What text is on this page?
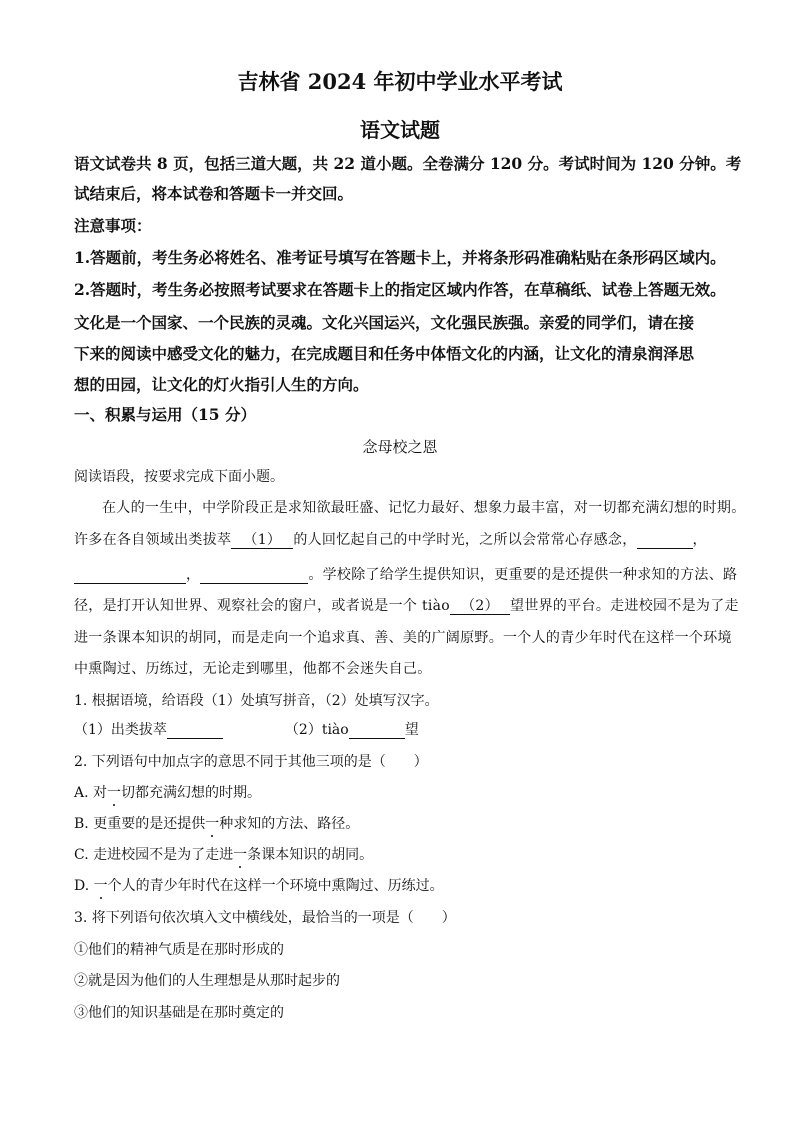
吉林省 2024 年初中学业水平考试
语文试题
语文试卷共 8 页，包括三道大题，共 22 道小题。全卷满分 120 分。考试时间为 120 分钟。考
试结束后，将本试卷和答题卡一并交回。
注意事项：
1.答题前，考生务必将姓名、准考证号填写在答题卡上，并将条形码准确粘贴在条形码区域内。
2.答题时，考生务必按照考试要求在答题卡上的指定区域内作答，在草稿纸、试卷上答题无效。
文化是一个国家、一个民族的灵魂。文化兴国运兴，文化强民族强。亲爱的同学们，请在接
下来的阅读中感受文化的魅力，在完成题目和任务中体悟文化的内涵，让文化的清泉润泽思
想的田园，让文化的灯火指引人生的方向。
一、积累与运用（15 分）
念母校之恩
阅读语段，按要求完成下面小题。
在人的一生中，中学阶段正是求知欲最旺盛、记忆力最好、想象力最丰富，对一切都充满幻想的时期。
许多在各自领域出类拔萃 （1） 的人回忆起自己的中学时光，之所以会常常心存感念，	，
，	。学校除了给学生提供知识，更重要的是还提供一种求知的方法、路
径，是打开认知世界、观察社会的窗户，或者说是一个 tiào （2） 望世界的平台。走进校园不是为了走
进一条课本知识的胡同，而是走向一个追求真、善、美的广阔原野。一个人的青少年时代在这样一个环境
中熏陶过、历练过，无论走到哪里，他都不会迷失自己。
1. 根据语境，给语段（1）处填写拼音，（2）处填写汉字。
（1）出类拔萃	（2）tiào	望
2. 下列语句中加点字的意思不同于其他三项的是（　　）
A. 对一切都充满幻想的时期。
B. 更重要的是还提供一种求知的方法、路径。
C. 走进校园不是为了走进一条课本知识的胡同。
D. 一个人的青少年时代在这样一个环境中熏陶过、历练过。
3. 将下列语句依次填入文中横线处，最恰当的一项是（　　）
①他们的精神气质是在那时形成的
②就是因为他们的人生理想是从那时起步的
③他们的知识基础是在那时奠定的
